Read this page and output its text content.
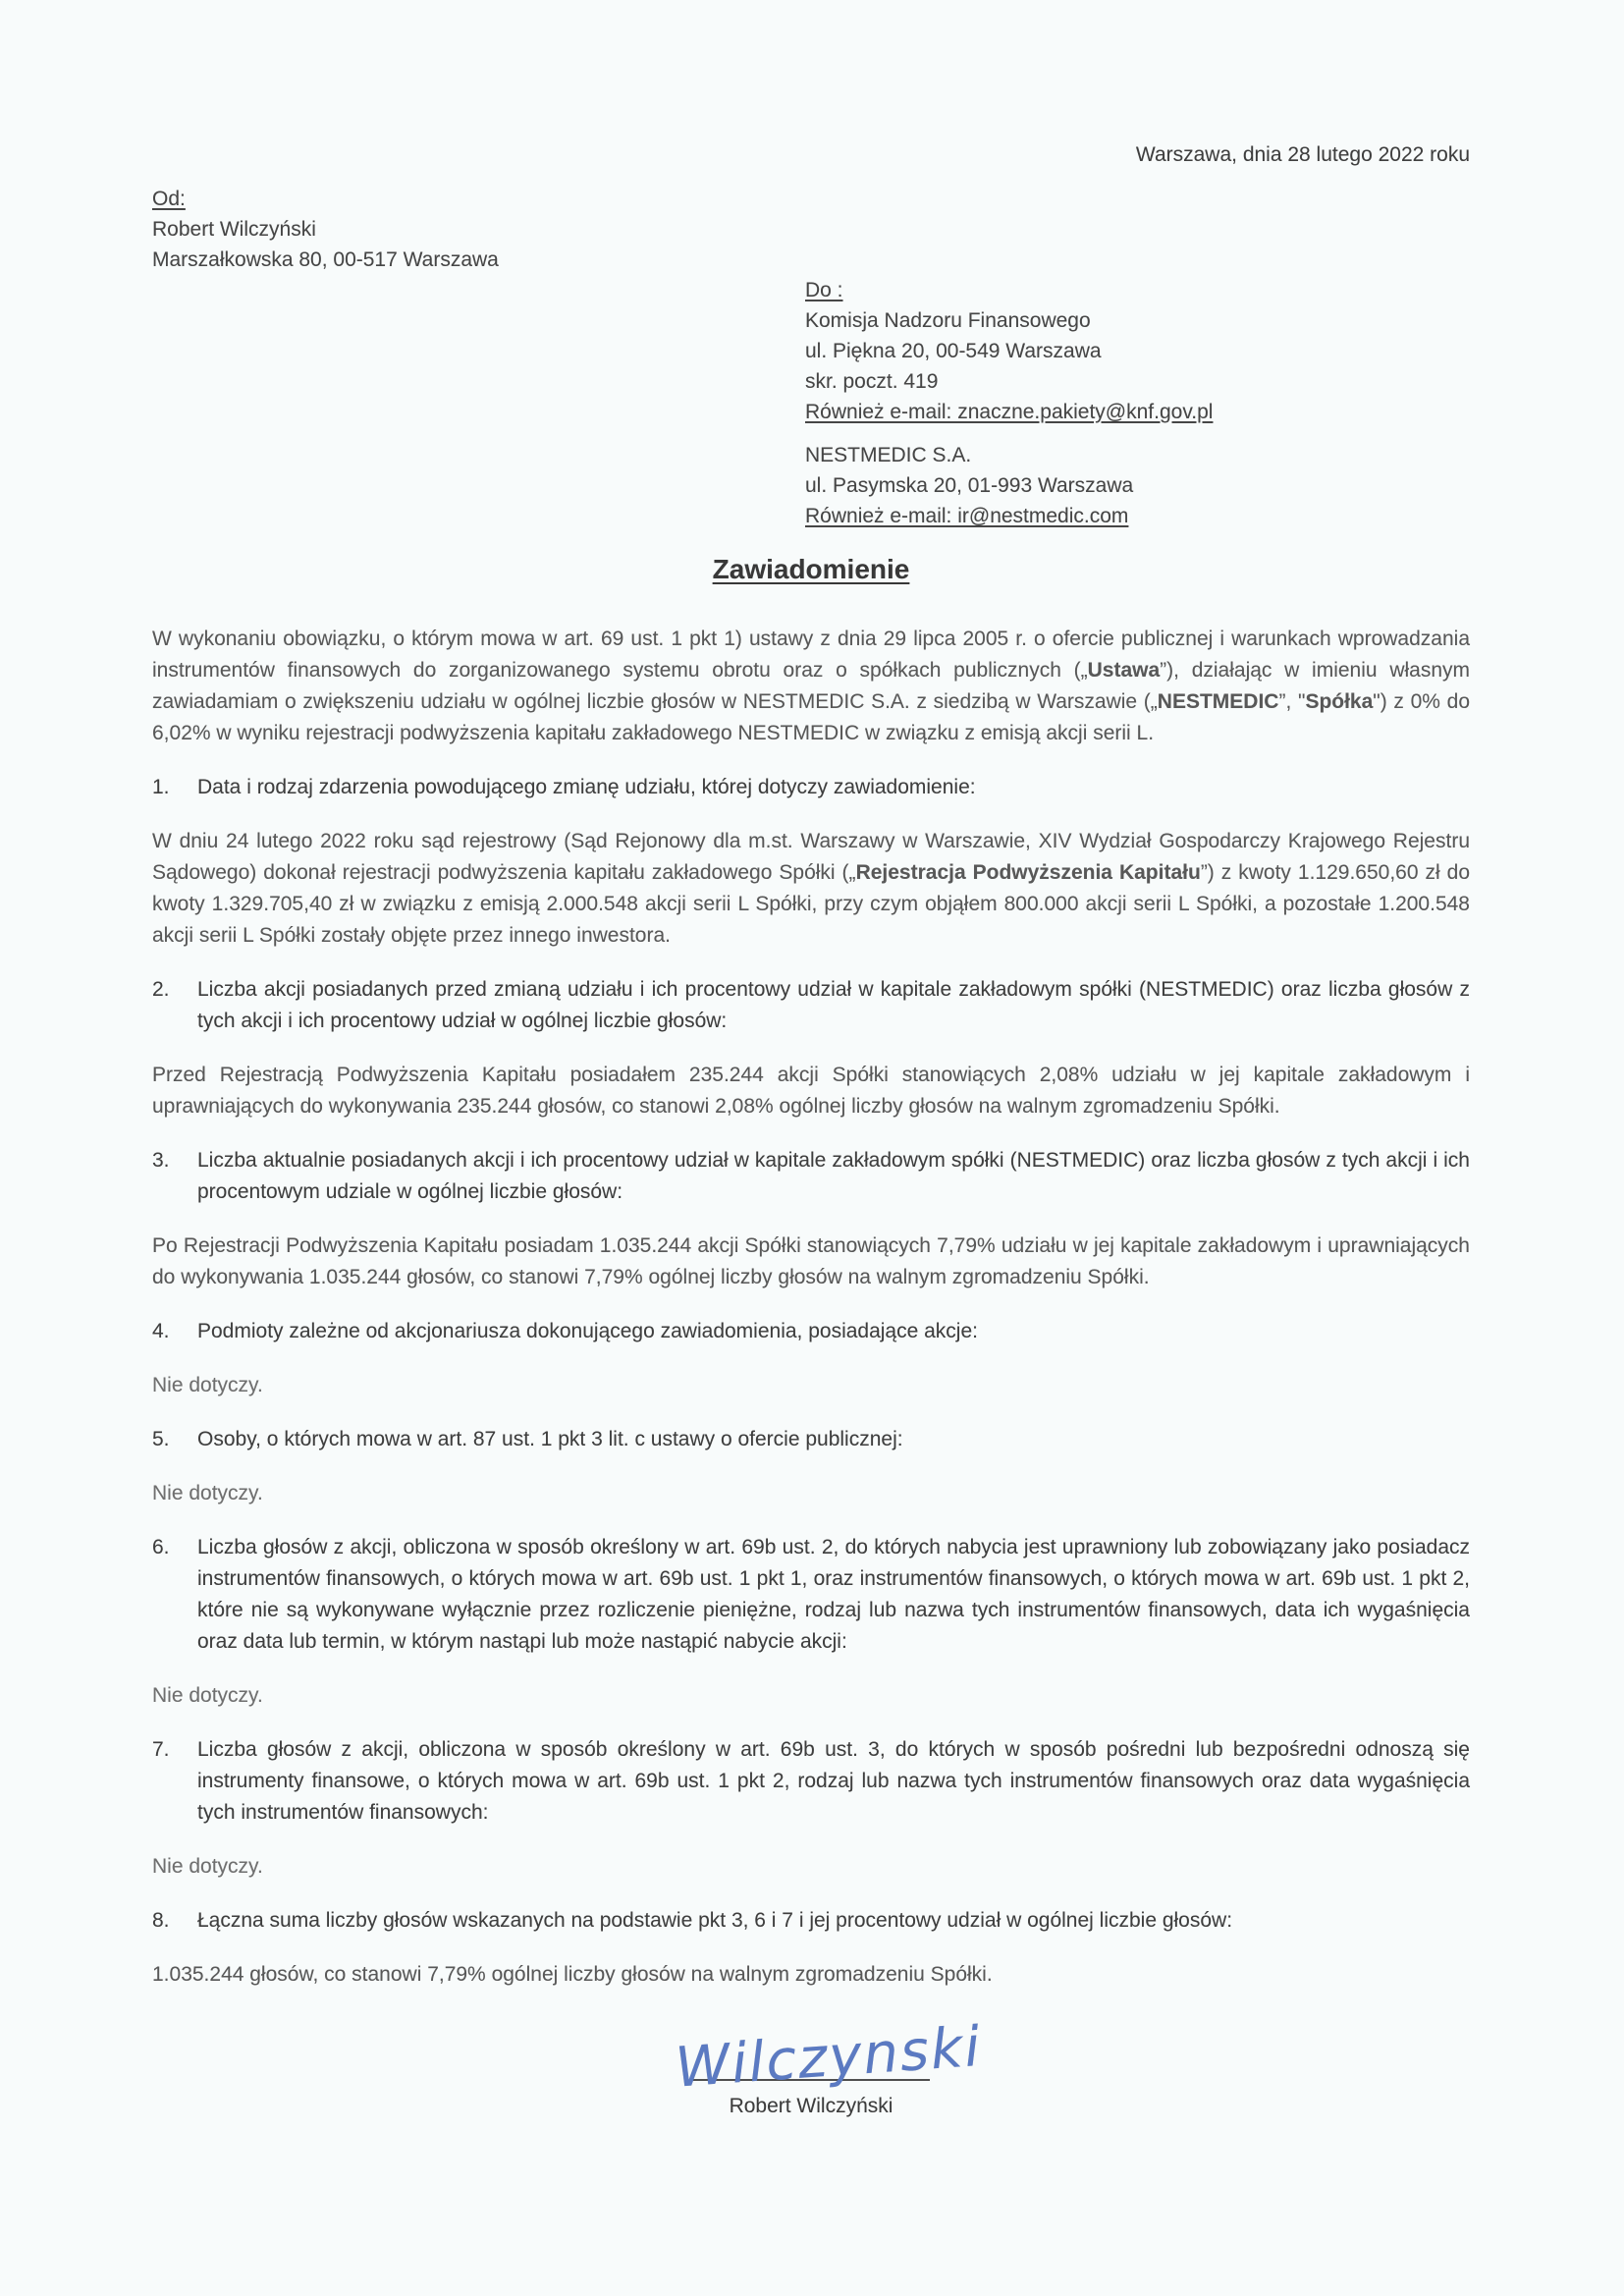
Warszawa, dnia 28 lutego 2022 roku
Od:
Robert Wilczyński
Marszałkowska 80, 00-517 Warszawa
Do :
Komisja Nadzoru Finansowego
ul. Piękna 20, 00-549 Warszawa
skr. poczt. 419
Również e-mail: znaczne.pakiety@knf.gov.pl
NESTMEDIC S.A.
ul. Pasymska 20, 01-993 Warszawa
Również e-mail: ir@nestmedic.com
Zawiadomienie
W wykonaniu obowiązku, o którym mowa w art. 69 ust. 1 pkt 1) ustawy z dnia 29 lipca 2005 r. o ofercie publicznej i warunkach wprowadzania instrumentów finansowych do zorganizowanego systemu obrotu oraz o spółkach publicznych („Ustawa”), działając w imieniu własnym zawiadamiam o zwiększeniu udziału w ogólnej liczbie głosów w NESTMEDIC S.A. z siedzibą w Warszawie („NESTMEDIC”, "Spółka") z 0% do 6,02% w wyniku rejestracji podwyższenia kapitału zakładowego NESTMEDIC w związku z emisją akcji serii L.
1. Data i rodzaj zdarzenia powodującego zmianę udziału, której dotyczy zawiadomienie:
W dniu 24 lutego 2022 roku sąd rejestrowy (Sąd Rejonowy dla m.st. Warszawy w Warszawie, XIV Wydział Gospodarczy Krajowego Rejestru Sądowego) dokonał rejestracji podwyższenia kapitału zakładowego Spółki („Rejestracja Podwyższenia Kapitału”) z kwoty 1.129.650,60 zł do kwoty 1.329.705,40 zł w związku z emisją 2.000.548 akcji serii L Spółki, przy czym objąłem 800.000 akcji serii L Spółki, a pozostałe 1.200.548 akcji serii L Spółki zostały objęte przez innego inwestora.
2. Liczba akcji posiadanych przed zmianą udziału i ich procentowy udział w kapitale zakładowym spółki (NESTMEDIC) oraz liczba głosów z tych akcji i ich procentowy udział w ogólnej liczbie głosów:
Przed Rejestracją Podwyższenia Kapitału posiadałem 235.244 akcji Spółki stanowiących 2,08% udziału w jej kapitale zakładowym i uprawniających do wykonywania 235.244 głosów, co stanowi 2,08% ogólnej liczby głosów na walnym zgromadzeniu Spółki.
3. Liczba aktualnie posiadanych akcji i ich procentowy udział w kapitale zakładowym spółki (NESTMEDIC) oraz liczba głosów z tych akcji i ich procentowym udziale w ogólnej liczbie głosów:
Po Rejestracji Podwyższenia Kapitału posiadam 1.035.244 akcji Spółki stanowiących 7,79% udziału w jej kapitale zakładowym i uprawniających do wykonywania 1.035.244 głosów, co stanowi 7,79% ogólnej liczby głosów na walnym zgromadzeniu Spółki.
4. Podmioty zależne od akcjonariusza dokonującego zawiadomienia, posiadające akcje:
Nie dotyczy.
5. Osoby, o których mowa w art. 87 ust. 1 pkt 3 lit. c ustawy o ofercie publicznej:
Nie dotyczy.
6. Liczba głosów z akcji, obliczona w sposób określony w art. 69b ust. 2, do których nabycia jest uprawniony lub zobowiązany jako posiadacz instrumentów finansowych, o których mowa w art. 69b ust. 1 pkt 1, oraz instrumentów finansowych, o których mowa w art. 69b ust. 1 pkt 2, które nie są wykonywane wyłącznie przez rozliczenie pieniężne, rodzaj lub nazwa tych instrumentów finansowych, data ich wygaśnięcia oraz data lub termin, w którym nastąpi lub może nastąpić nabycie akcji:
Nie dotyczy.
7. Liczba głosów z akcji, obliczona w sposób określony w art. 69b ust. 3, do których w sposób pośredni lub bezpośredni odnoszą się instrumenty finansowe, o których mowa w art. 69b ust. 1 pkt 2, rodzaj lub nazwa tych instrumentów finansowych oraz data wygaśnięcia tych instrumentów finansowych:
Nie dotyczy.
8. Łączna suma liczby głosów wskazanych na podstawie pkt 3, 6 i 7 i jej procentowy udział w ogólnej liczbie głosów:
1.035.244 głosów, co stanowi 7,79% ogólnej liczby głosów na walnym zgromadzeniu Spółki.
Wilczynski
Robert Wilczyński
